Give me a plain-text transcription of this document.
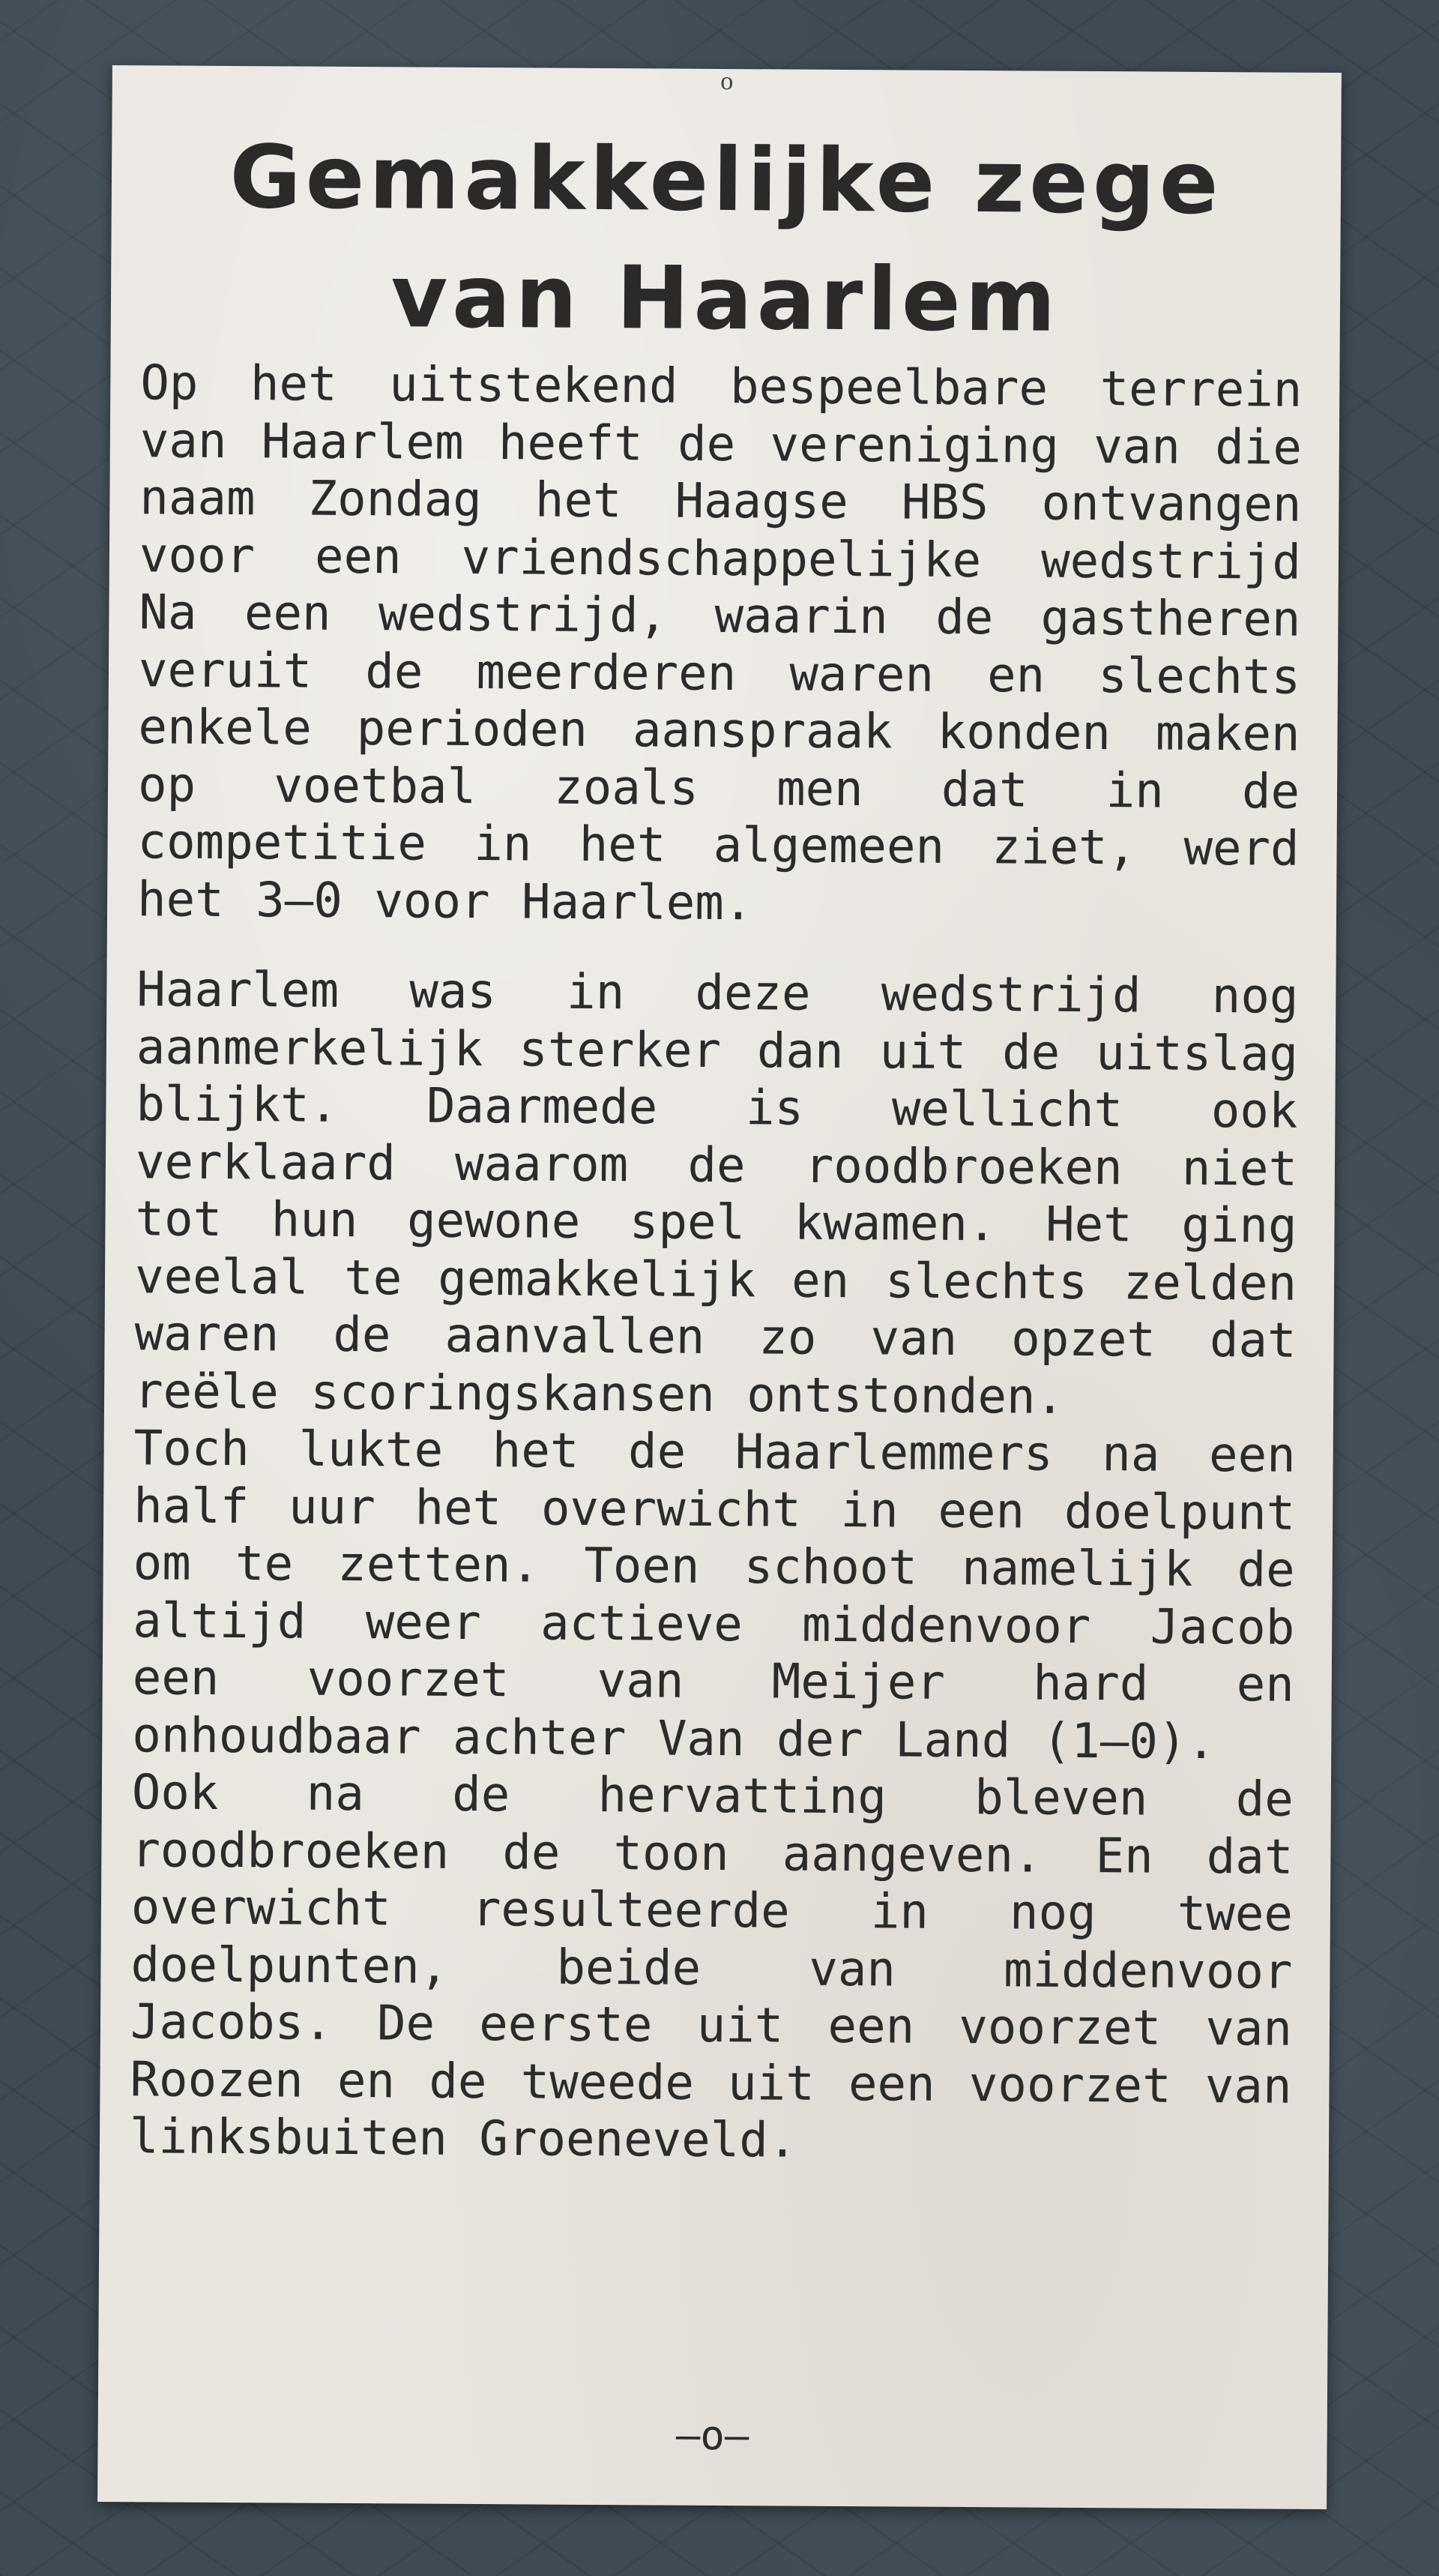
o
Gemakkelijke zege
van Haarlem

Op het uitstekend bespeelbare terrein van Haarlem heeft de vereniging van die naam Zondag het Haagse HBS ontvangen voor een vriendschappelijke wedstrijd Na een wedstrijd, waarin de gastheren veruit de meerderen waren en slechts enkele perioden aanspraak konden maken op voetbal zoals men dat in de competitie in het algemeen ziet, werd het 3—0 voor Haarlem.

Haarlem was in deze wedstrijd nog aanmerkelijk sterker dan uit de uitslag blijkt. Daarmede is wellicht ook verklaard waarom de roodbroeken niet tot hun gewone spel kwamen. Het ging veelal te gemakkelijk en slechts zelden waren de aanvallen zo van opzet dat reële scoringskansen ontstonden.

Toch lukte het de Haarlemmers na een half uur het overwicht in een doelpunt om te zetten. Toen schoot namelijk de altijd weer actieve middenvoor Jacob een voorzet van Meijer hard en onhoudbaar achter Van der Land (1—0).

Ook na de hervatting bleven de roodbroeken de toon aangeven. En dat overwicht resulteerde in nog twee doelpunten, beide van middenvoor Jacobs. De eerste uit een voorzet van Roozen en de tweede uit een voorzet van linksbuiten Groeneveld.

—o—
